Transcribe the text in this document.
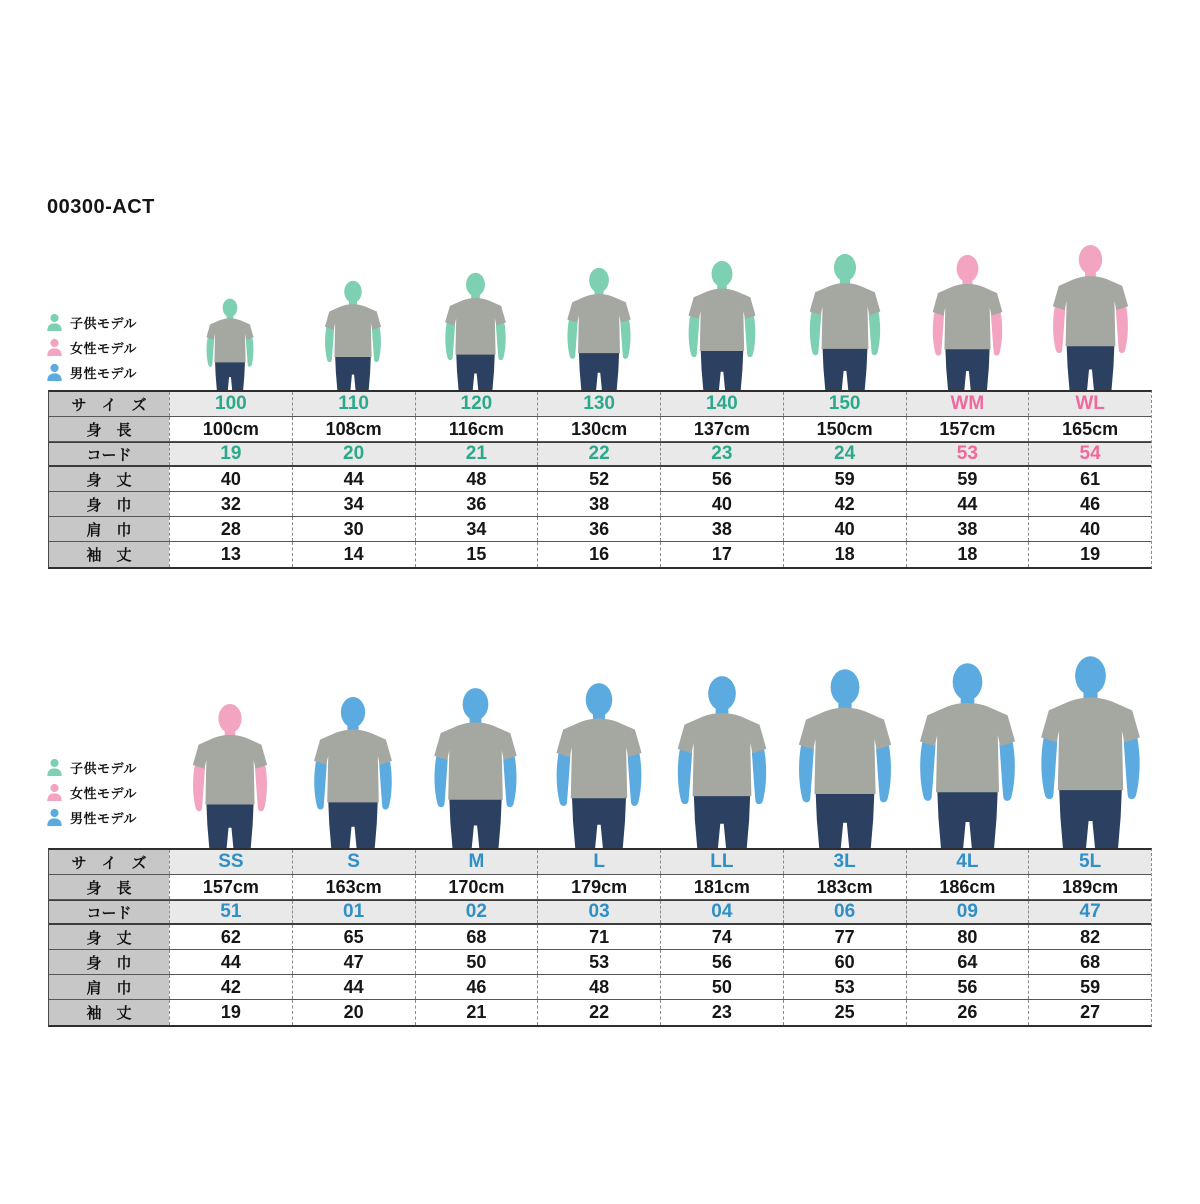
00300-ACT
子供モデル
女性モデル
男性モデル
サ　イ　ズ	100	110	120	130	140	150	WM	WL
身　長	100cm	108cm	116cm	130cm	137cm	150cm	157cm	165cm
コード	19	20	21	22	23	24	53	54
身　丈	40	44	48	52	56	59	59	61
身　巾	32	34	36	38	40	42	44	46
肩　巾	28	30	34	36	38	40	38	40
袖　丈	13	14	15	16	17	18	18	19
子供モデル
女性モデル
男性モデル
サ　イ　ズ	SS	S	M	L	LL	3L	4L	5L
身　長	157cm	163cm	170cm	179cm	181cm	183cm	186cm	189cm
コード	51	01	02	03	04	06	09	47
身　丈	62	65	68	71	74	77	80	82
身　巾	44	47	50	53	56	60	64	68
肩　巾	42	44	46	48	50	53	56	59
袖　丈	19	20	21	22	23	25	26	27
